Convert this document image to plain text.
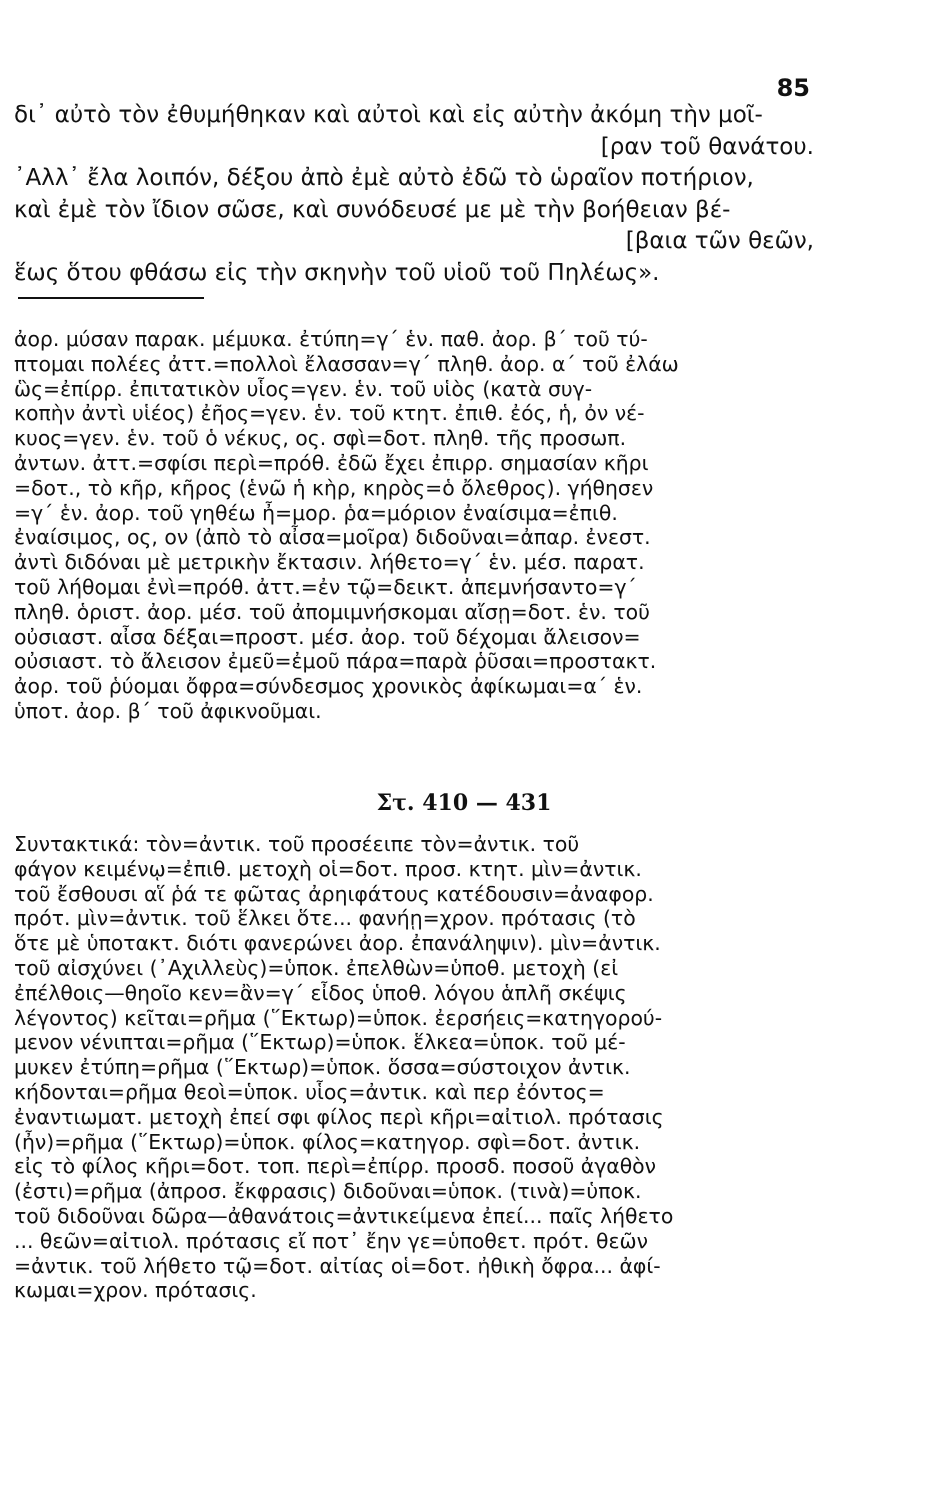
85
δι᾿ αὐτὸ τὸν ἐθυμήθηκαν καὶ αὐτοὶ καὶ εἰς αὐτὴν ἀκόμη τὴν μοῖ-
[ραν τοῦ θανάτου.
᾿Αλλ᾿ ἔλα λοιπόν, δέξου ἀπὸ ἐμὲ αὐτὸ ἐδῶ τὸ ὡραῖον ποτήριον,
καὶ ἐμὲ τὸν ἴδιον σῶσε, καὶ συνόδευσέ με μὲ τὴν βοήθειαν βέ-
[βαια τῶν θεῶν,
ἕως ὅτου φθάσω εἰς τὴν σκηνὴν τοῦ υἱοῦ τοῦ Πηλέως».
ἀορ. μύσαν παρακ. μέμυκα. ἐτύπη=γ΄ ἑν. παθ. ἀορ. β΄ τοῦ τύ-
πτομαι πολέες ἀττ.=πολλοὶ ἔλασσαν=γ΄ πληθ. ἀορ. α΄ τοῦ ἐλάω
ὣς=ἐπίρρ. ἐπιτατικὸν υἷος=γεν. ἑν. τοῦ υἱὸς (κατὰ συγ-
κοπὴν ἀντὶ υἱέος) ἐῆος=γεν. ἑν. τοῦ κτητ. ἐπιθ. ἐός, ἡ, ὀν νέ-
κυος=γεν. ἑν. τοῦ ὁ νέκυς, ος. σφὶ=δοτ. πληθ. τῆς προσωπ.
ἀντων. ἀττ.=σφίσι περὶ=πρόθ. ἐδῶ ἔχει ἐπιρρ. σημασίαν κῆρι
=δοτ., τὸ κῆρ, κῆρος (ἑνῶ ἡ κὴρ, κηρὸς=ὁ ὄλεθρος). γήθησεν
=γ΄ ἑν. ἀορ. τοῦ γηθέω ἦ=μορ. ῥα=μόριον ἐναίσιμα=ἐπιθ.
ἐναίσιμος, ος, ον (ἀπὸ τὸ αἶσα=μοῖρα) διδοῦναι=ἀπαρ. ἐνεστ.
ἀντὶ διδόναι μὲ μετρικὴν ἔκτασιν. λήθετο=γ΄ ἑν. μέσ. παρατ.
τοῦ λήθομαι ἐνὶ=πρόθ. ἀττ.=ἐν τῷ=δεικτ. ἀπεμνήσαντο=γ΄
πληθ. ὁριστ. ἀορ. μέσ. τοῦ ἀπομιμνήσκομαι αἴσῃ=δοτ. ἑν. τοῦ
οὐσιαστ. αἶσα δέξαι=προστ. μέσ. ἀορ. τοῦ δέχομαι ἄλεισον=
οὐσιαστ. τὸ ἄλεισον ἐμεῦ=ἐμοῦ πάρα=παρὰ ῥῦσαι=προστακτ.
ἀορ. τοῦ ῥύομαι ὄφρα=σύνδεσμος χρονικὸς ἀφίκωμαι=α΄ ἑν.
ὑποτ. ἀορ. β΄ τοῦ ἀφικνοῦμαι.
Στ. 410 — 431
Συντακτικά: τὸν=ἀντικ. τοῦ προσέειπε τὸν=ἀντικ. τοῦ
φάγον κειμένῳ=ἐπιθ. μετοχὴ οἱ=δοτ. προσ. κτητ. μὶν=ἀντικ.
τοῦ ἔσθουσι αἵ ῥά τε φῶτας ἀρηιφάτους κατέδουσιν=ἀναφορ.
πρότ. μὶν=ἀντικ. τοῦ ἕλκει ὅτε... φανήῃ=χρον. πρότασις (τὸ
ὅτε μὲ ὑποτακτ. διότι φανερώνει ἀορ. ἐπανάληψιν). μὶν=ἀντικ.
τοῦ αἰσχύνει (᾿Αχιλλεὺς)=ὑποκ. ἐπελθὼν=ὑποθ. μετοχὴ (εἰ
ἐπέλθοις—θηοῖο κεν=ἂν=γ΄ εἶδος ὑποθ. λόγου ἁπλῆ σκέψις
λέγοντος) κεῖται=ρῆμα (῞Εκτωρ)=ὑποκ. ἐερσήεις=κατηγορού-
μενον νένιπται=ρῆμα (῞Εκτωρ)=ὑποκ. ἕλκεα=ὑποκ. τοῦ μέ-
μυκεν ἐτύπη=ρῆμα (῞Εκτωρ)=ὑποκ. ὅσσα=σύστοιχον ἀντικ.
κήδονται=ρῆμα θεοὶ=ὑποκ. υἷος=ἀντικ. καὶ περ ἐόντος=
ἐναντιωματ. μετοχὴ ἐπεί σφι φίλος περὶ κῆρι=αἰτιολ. πρότασις
(ἦν)=ρῆμα (῞Εκτωρ)=ὑποκ. φίλος=κατηγορ. σφὶ=δοτ. ἀντικ.
εἰς τὸ φίλος κῆρι=δοτ. τοπ. περὶ=ἐπίρρ. προσδ. ποσοῦ ἀγαθὸν
(ἐστι)=ρῆμα (ἀπροσ. ἔκφρασις) διδοῦναι=ὑποκ. (τινὰ)=ὑποκ.
τοῦ διδοῦναι δῶρα—ἀθανάτοις=ἀντικείμενα ἐπεί... παῖς λήθετο
... θεῶν=αἰτιολ. πρότασις εἴ ποτ᾿ ἔην γε=ὑποθετ. πρότ. θεῶν
=ἀντικ. τοῦ λήθετο τῷ=δοτ. αἰτίας οἱ=δοτ. ἠθικὴ ὄφρα... ἀφί-
κωμαι=χρον. πρότασις.
